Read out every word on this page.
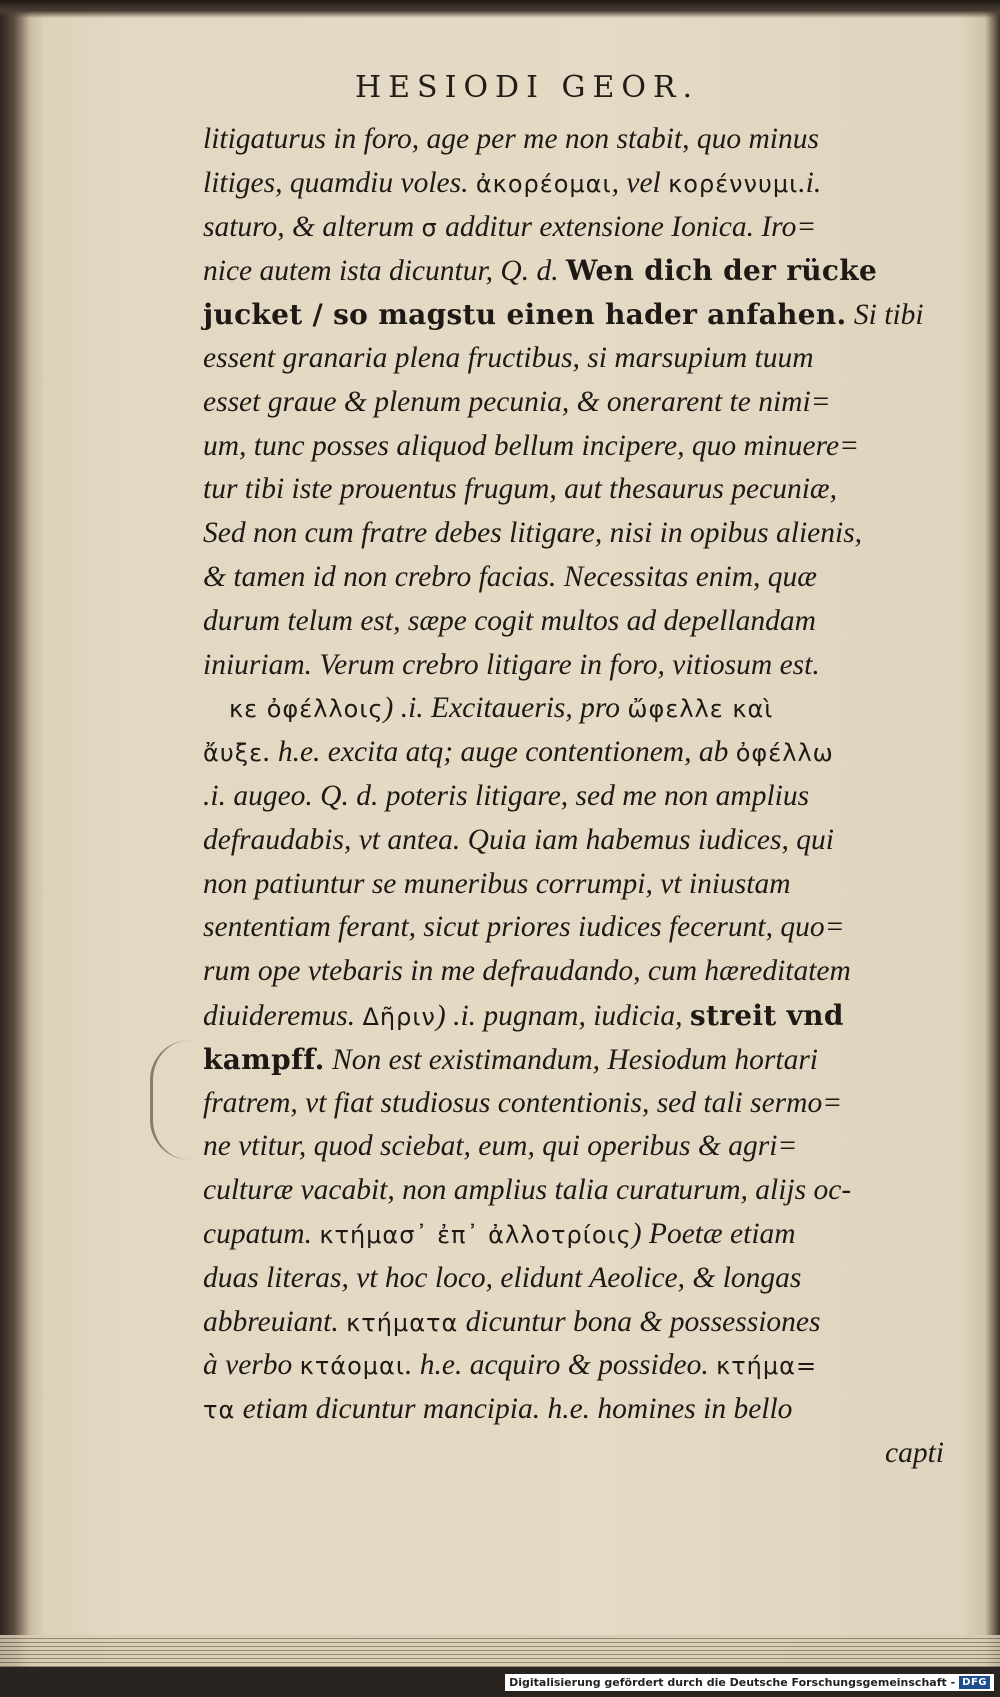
HESIODI GEOR.
litigaturus in foro, age per me non stabit, quo minus
litiges, quamdiu voles. ἀκορέομαι, vel κορέννυμι.i.
saturo, & alterum σ additur extensione Ionica. Iro=
nice autem ista dicuntur, Q. d. Wen dich der rücke
jucket / so magstu einen hader anfahen. Si tibi
essent granaria plena fructibus, si marsupium tuum
esset graue & plenum pecunia, & onerarent te nimi=
um, tunc posses aliquod bellum incipere, quo minuere=
tur tibi iste prouentus frugum, aut thesaurus pecuniæ,
Sed non cum fratre debes litigare, nisi in opibus alienis,
& tamen id non crebro facias. Necessitas enim, quæ
durum telum est, sæpe cogit multos ad depellandam
iniuriam. Verum crebro litigare in foro, vitiosum est.
κε ὀφέλλοις) .i. Excitaueris, pro ὤφελλε καὶ
ἄυξε. h.e. excita atq; auge contentionem, ab ὀφέλλω
.i. augeo. Q. d. poteris litigare, sed me non amplius
defraudabis, vt antea. Quia iam habemus iudices, qui
non patiuntur se muneribus corrumpi, vt iniustam
sententiam ferant, sicut priores iudices fecerunt, quo=
rum ope vtebaris in me defraudando, cum hæreditatem
diuideremus. Δῆριν) .i. pugnam, iudicia, streit vnd
kampff. Non est existimandum, Hesiodum hortari
fratrem, vt fiat studiosus contentionis, sed tali sermo=
ne vtitur, quod sciebat, eum, qui operibus & agri=
culturæ vacabit, non amplius talia curaturum, alijs oc-
cupatum. κτήμασ᾽ ἐπ᾽ ἀλλοτρίοις) Poetæ etiam
duas literas, vt hoc loco, elidunt Aeolice, & longas
abbreuiant. κτήματα dicuntur bona & possessiones
à verbo κτάομαι. h.e. acquiro & possideo. κτήμα=
τα etiam dicuntur mancipia. h.e. homines in bello
capti
Digitalisierung gefördert durch die Deutsche Forschungsgemeinschaft - DFG
